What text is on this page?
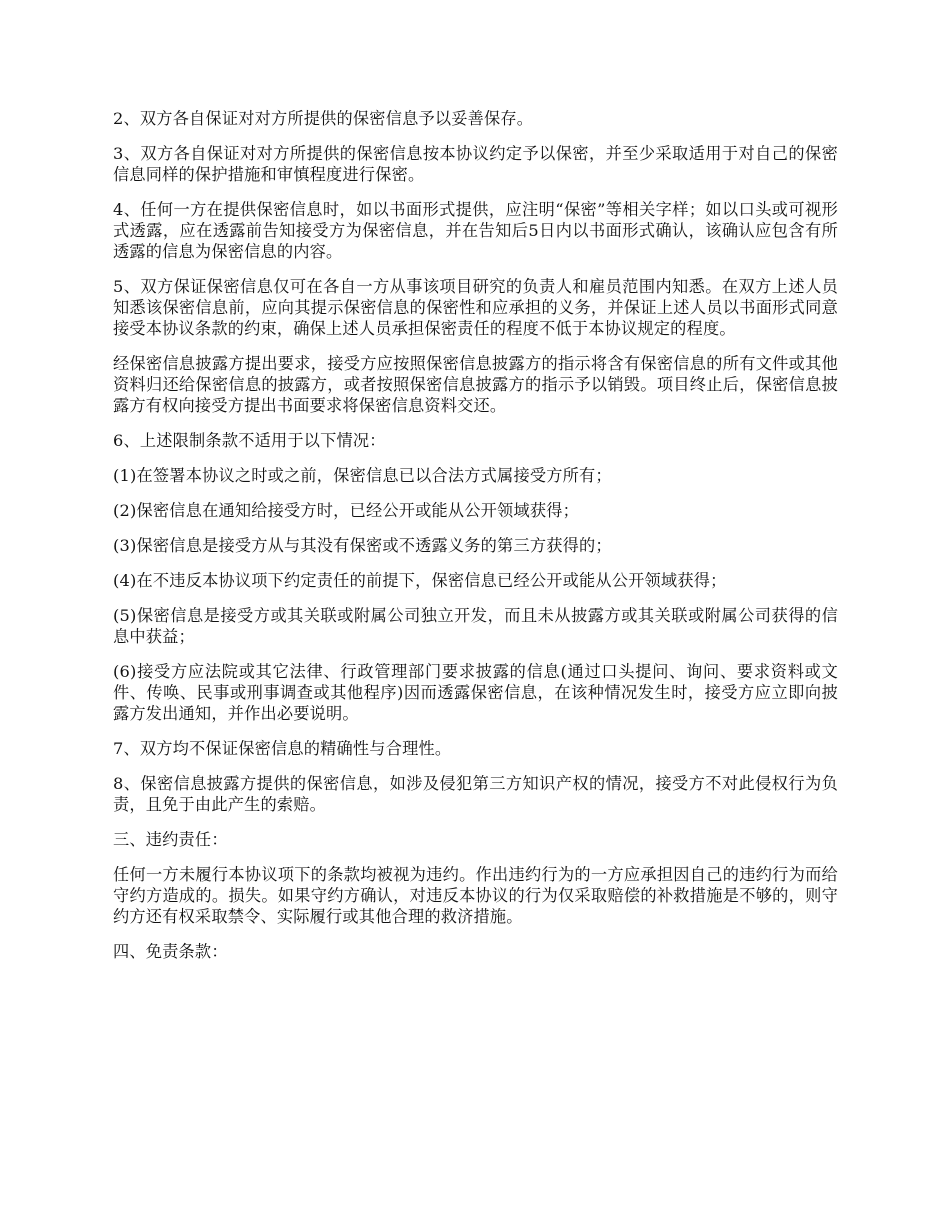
2、双方各自保证对对方所提供的保密信息予以妥善保存。

3、双方各自保证对对方所提供的保密信息按本协议约定予以保密，并至少采取适用于对自己的保密信息同样的保护措施和审慎程度进行保密。

4、任何一方在提供保密信息时，如以书面形式提供，应注明“保密”等相关字样；如以口头或可视形式透露，应在透露前告知接受方为保密信息，并在告知后5日内以书面形式确认，该确认应包含有所透露的信息为保密信息的内容。

5、双方保证保密信息仅可在各自一方从事该项目研究的负责人和雇员范围内知悉。在双方上述人员知悉该保密信息前，应向其提示保密信息的保密性和应承担的义务，并保证上述人员以书面形式同意接受本协议条款的约束，确保上述人员承担保密责任的程度不低于本协议规定的程度。

经保密信息披露方提出要求，接受方应按照保密信息披露方的指示将含有保密信息的所有文件或其他资料归还给保密信息的披露方，或者按照保密信息披露方的指示予以销毁。项目终止后，保密信息披露方有权向接受方提出书面要求将保密信息资料交还。

6、上述限制条款不适用于以下情况：

(1)在签署本协议之时或之前，保密信息已以合法方式属接受方所有；

(2)保密信息在通知给接受方时，已经公开或能从公开领域获得；

(3)保密信息是接受方从与其没有保密或不透露义务的第三方获得的；

(4)在不违反本协议项下约定责任的前提下，保密信息已经公开或能从公开领域获得；

(5)保密信息是接受方或其关联或附属公司独立开发，而且未从披露方或其关联或附属公司获得的信息中获益；

(6)接受方应法院或其它法律、行政管理部门要求披露的信息(通过口头提问、询问、要求资料或文件、传唤、民事或刑事调查或其他程序)因而透露保密信息，在该种情况发生时，接受方应立即向披露方发出通知，并作出必要说明。

7、双方均不保证保密信息的精确性与合理性。

8、保密信息披露方提供的保密信息，如涉及侵犯第三方知识产权的情况，接受方不对此侵权行为负责，且免于由此产生的索赔。

三、违约责任：

任何一方未履行本协议项下的条款均被视为违约。作出违约行为的一方应承担因自己的违约行为而给守约方造成的。损失。如果守约方确认，对违反本协议的行为仅采取赔偿的补救措施是不够的，则守约方还有权采取禁令、实际履行或其他合理的救济措施。

四、免责条款：
